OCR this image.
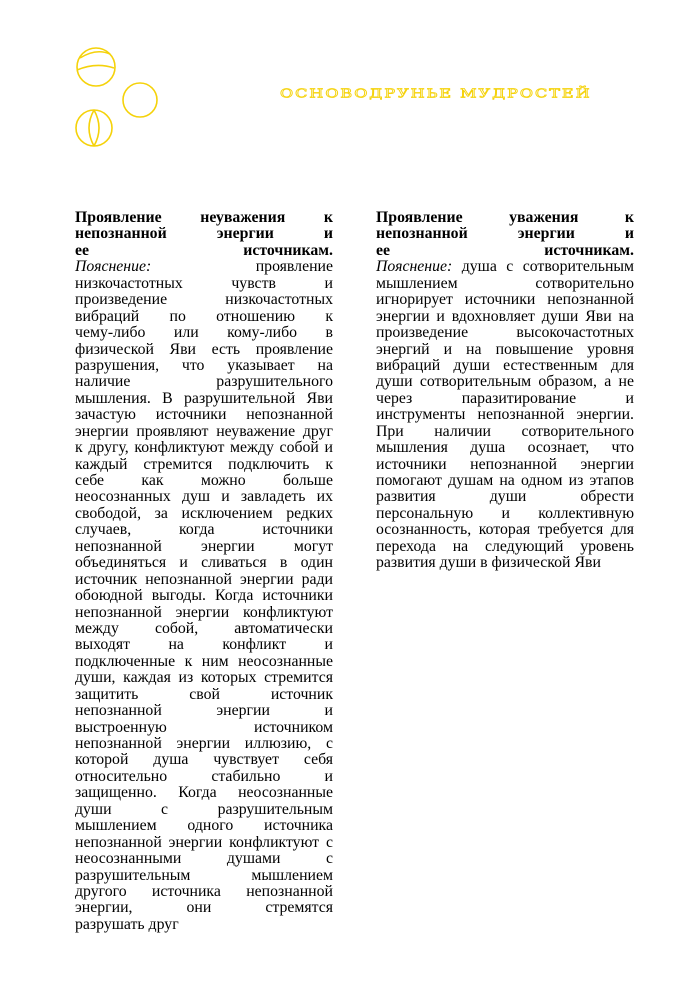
ОСНОВОДРУНЬЕ МУДРОСТЕЙ
Проявление неуважения к
непознанной энергии и
ее источникам.
Пояснение:	проявление
низкочастотных чувств и
произведение низкочастотных
вибраций по отношению к
чему-либо или кому-либо в
физической Яви есть проявление
разрушения, что указывает на
наличие разрушительного
мышления. В разрушительной Яви
зачастую источники непознанной
энергии проявляют неуважение друг
к другу, конфликтуют между собой и
каждый стремится подключить к
себе как можно больше
неосознанных душ и завладеть их
свободой, за исключением редких
случаев, когда источники
непознанной энергии могут
объединяться и сливаться в один
источник непознанной энергии ради
обоюдной выгоды. Когда источники
непознанной энергии конфликтуют
между собой, автоматически
выходят на конфликт и
подключенные к ним неосознанные
души, каждая из которых стремится
защитить свой источник
непознанной энергии и
выстроенную источником
непознанной энергии иллюзию, с
которой душа чувствует себя
относительно стабильно и
защищенно. Когда неосознанные
души с разрушительным
мышлением одного источника
непознанной энергии конфликтуют с
неосознанными душами с
разрушительным мышлением
другого источника непознанной
энергии, они стремятся
разрушать друг
Проявление уважения к
непознанной энергии и
ее источникам.
Пояснение: душа с сотворительным
мышлением сотворительно
игнорирует источники непознанной
энергии и вдохновляет души Яви на
произведение высокочастотных
энергий и на повышение уровня
вибраций души естественным для
души сотворительным образом, а не
через паразитирование и
инструменты непознанной энергии.
При наличии сотворительного
мышления душа осознает, что
источники непознанной энергии
помогают душам на одном из этапов
развития души обрести
персональную и коллективную
осознанность, которая требуется для
перехода на следующий уровень
развития души в физической Яви
